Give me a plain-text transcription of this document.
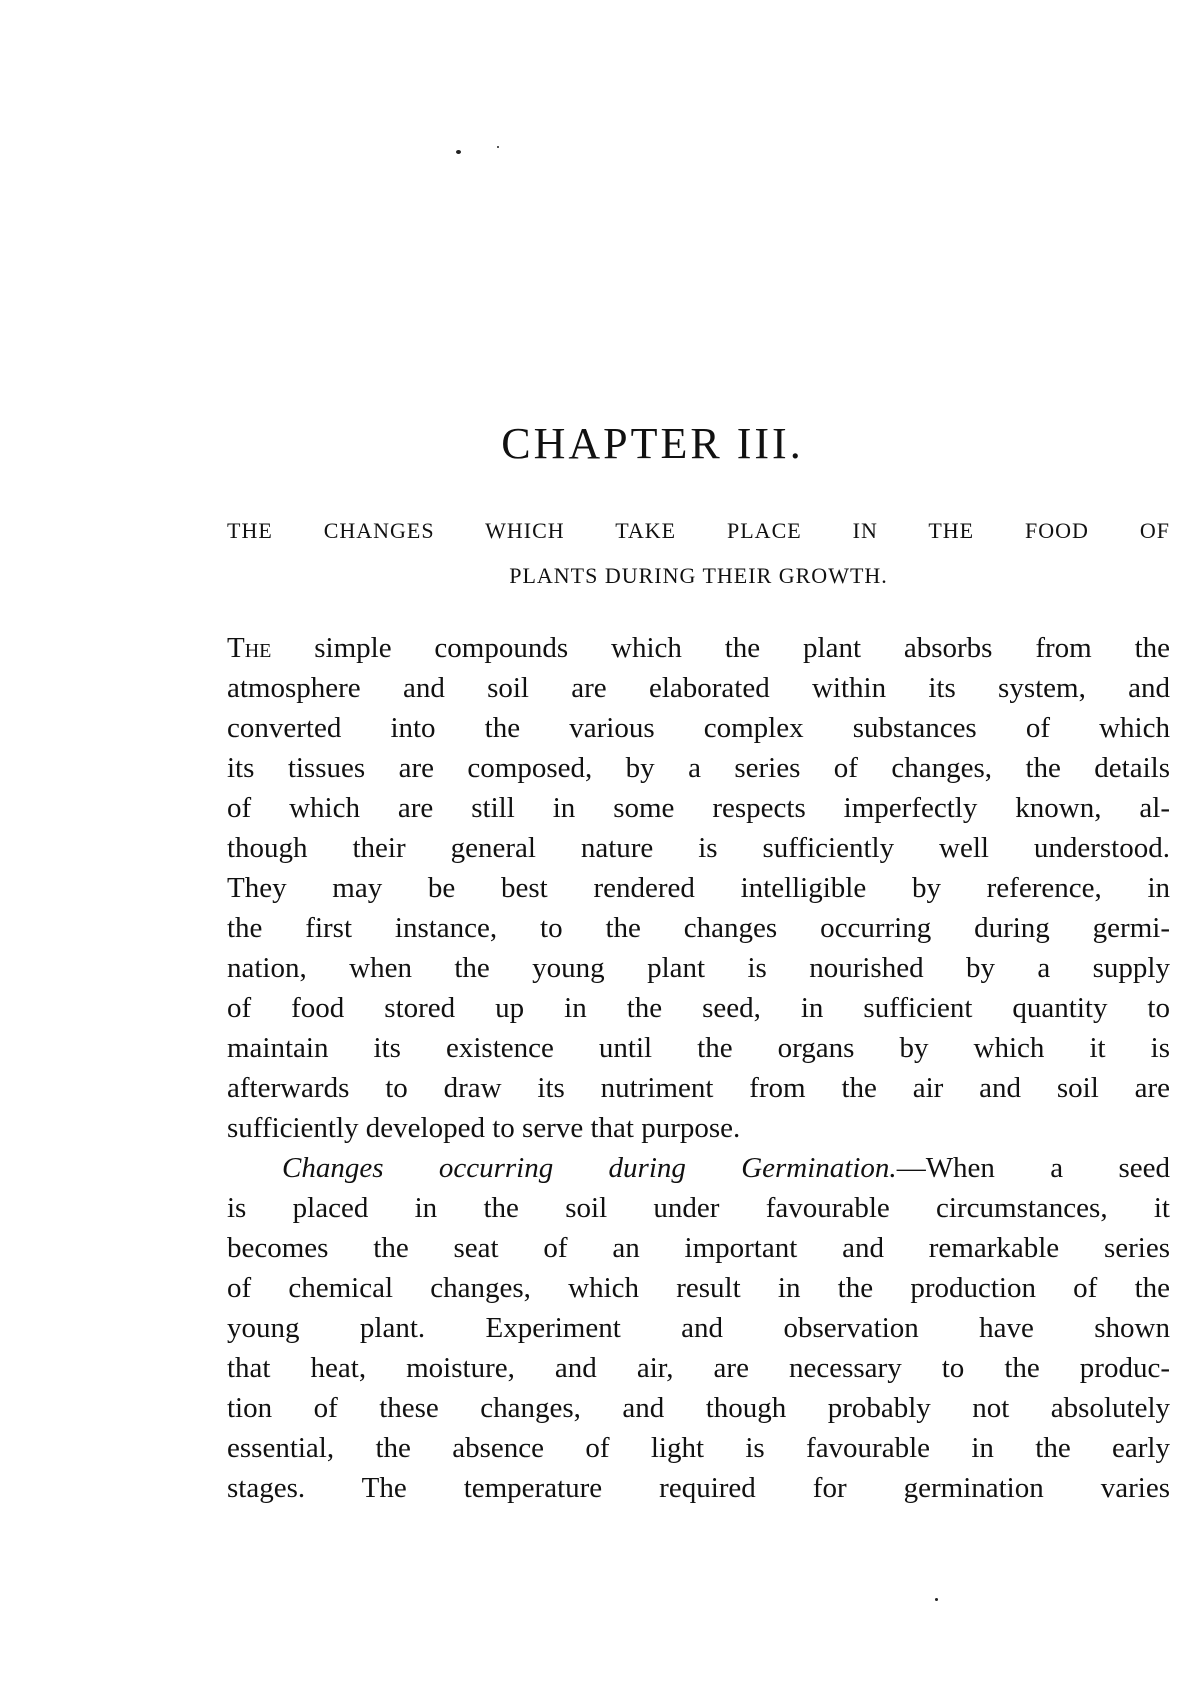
CHAPTER III.
THE CHANGES WHICH TAKE PLACE IN THE FOOD OF
PLANTS DURING THEIR GROWTH.
The simple compounds which the plant absorbs from the
atmosphere and soil are elaborated within its system, and
converted into the various complex substances of which
its tissues are composed, by a series of changes, the details
of which are still in some respects imperfectly known, al-
though their general nature is sufficiently well understood.
They may be best rendered intelligible by reference, in
the first instance, to the changes occurring during germi-
nation, when the young plant is nourished by a supply
of food stored up in the seed, in sufficient quantity to
maintain its existence until the organs by which it is
afterwards to draw its nutriment from the air and soil are
sufficiently developed to serve that purpose.
Changes occurring during Germination.—When a seed
is placed in the soil under favourable circumstances, it
becomes the seat of an important and remarkable series
of chemical changes, which result in the production of the
young plant. Experiment and observation have shown
that heat, moisture, and air, are necessary to the produc-
tion of these changes, and though probably not absolutely
essential, the absence of light is favourable in the early
stages. The temperature required for germination varies
